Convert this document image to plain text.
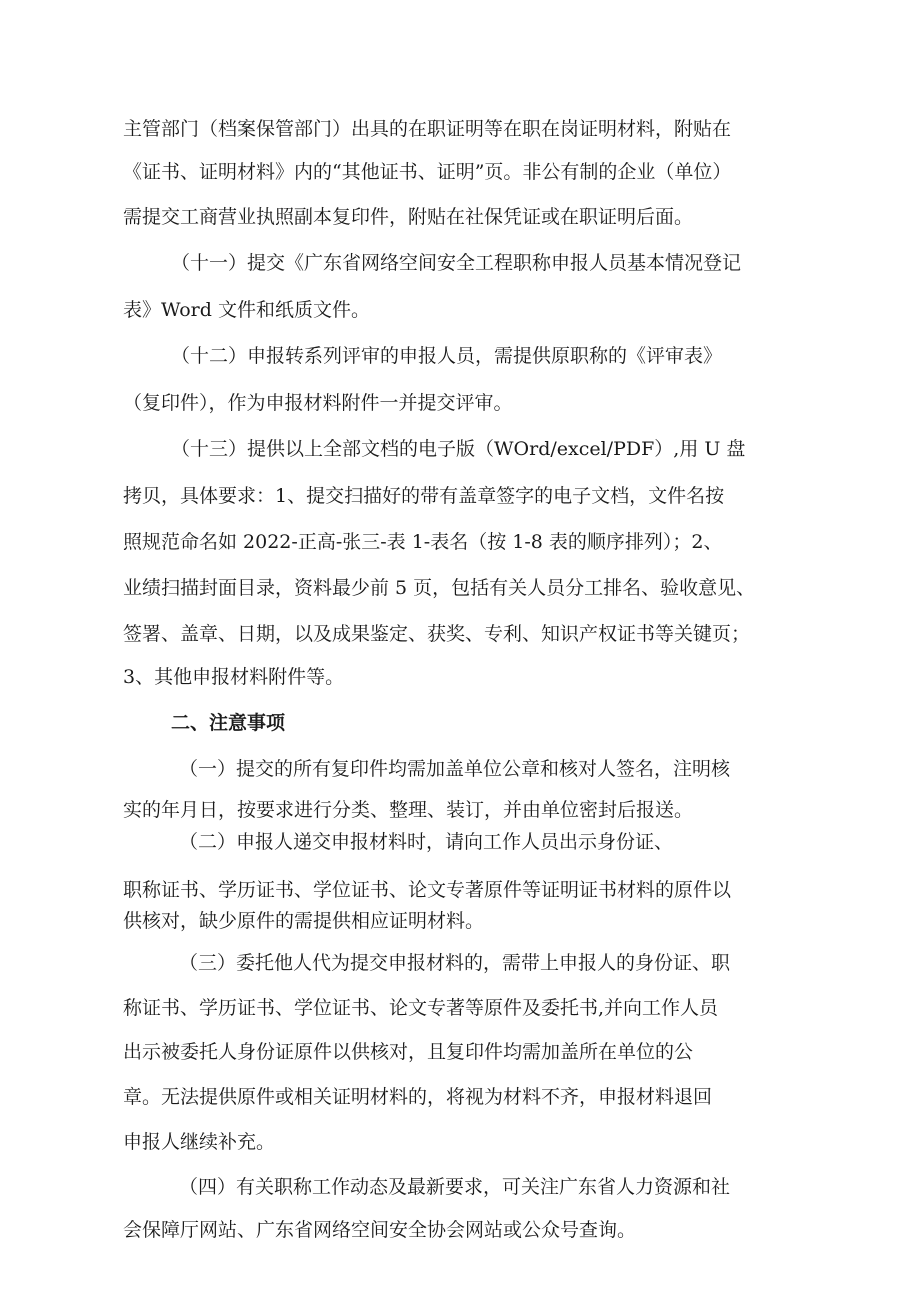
主管部门（档案保管部门）出具的在职证明等在职在岗证明材料，附贴在
《证书、证明材料》内的“其他证书、证明”页。非公有制的企业（单位）
需提交工商营业执照副本复印件，附贴在社保凭证或在职证明后面。
（十一）提交《广东省网络空间安全工程职称申报人员基本情况登记
表》Word 文件和纸质文件。
（十二）申报转系列评审的申报人员，需提供原职称的《评审表》
（复印件），作为申报材料附件一并提交评审。
（十三）提供以上全部文档的电子版（WOrd/excel/PDF）,用 U 盘
拷贝，具体要求：1、提交扫描好的带有盖章签字的电子文档，文件名按
照规范命名如 2022-正高-张三-表 1-表名（按 1-8 表的顺序排列）；2、
业绩扫描封面目录，资料最少前 5 页，包括有关人员分工排名、验收意见、
签署、盖章、日期，以及成果鉴定、获奖、专利、知识产权证书等关键页；
3、其他申报材料附件等。
二、注意事项
（一）提交的所有复印件均需加盖单位公章和核对人签名，注明核
实的年月日，按要求进行分类、整理、装订，并由单位密封后报送。
（二）申报人递交申报材料时，请向工作人员出示身份证、
职称证书、学历证书、学位证书、论文专著原件等证明证书材料的原件以
供核对，缺少原件的需提供相应证明材料。
（三）委托他人代为提交申报材料的，需带上申报人的身份证、职
称证书、学历证书、学位证书、论文专著等原件及委托书,并向工作人员
出示被委托人身份证原件以供核对，且复印件均需加盖所在单位的公
章。无法提供原件或相关证明材料的，将视为材料不齐，申报材料退回
申报人继续补充。
（四）有关职称工作动态及最新要求，可关注广东省人力资源和社
会保障厅网站、广东省网络空间安全协会网站或公众号查询。
